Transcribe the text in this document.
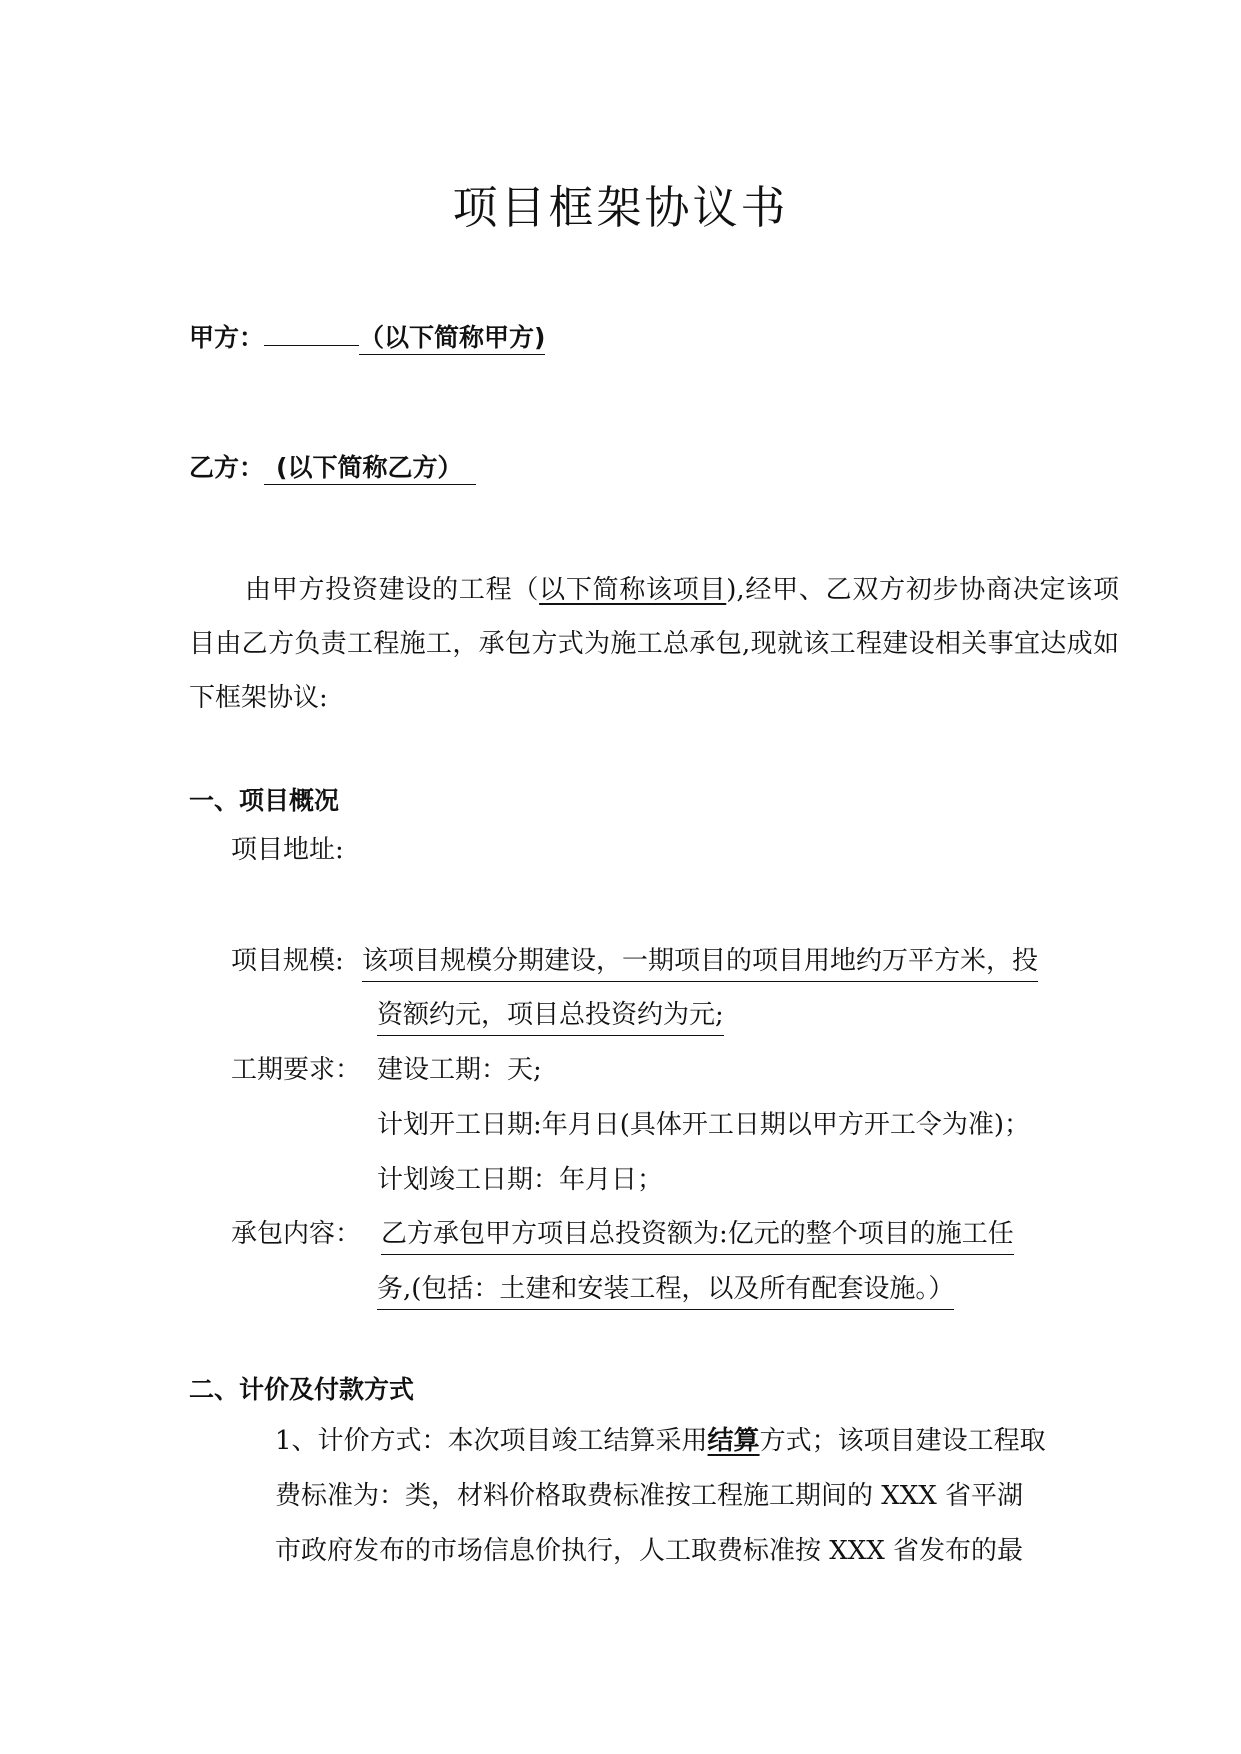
项目框架协议书
甲方：	（以下简称甲方)
乙方： (以下简称乙方）
由甲方投资建设的工程（以下简称该项目),经甲、乙双方初步协商决定该项目由乙方负责工程施工，承包方式为施工总承包,现就该工程建设相关事宜达成如下框架协议:
一、项目概况
项目地址:
项目规模: 该项目规模分期建设，一期项目的项目用地约万平方米，投
资额约元，项目总投资约为元;
工期要求： 建设工期：天;
计划开工日期:年月日(具体开工日期以甲方开工令为准)；
计划竣工日期：年月日；
承包内容： 乙方承包甲方项目总投资额为:亿元的整个项目的施工任
务,(包括：土建和安装工程，以及所有配套设施。）
二、计价及付款方式
1、计价方式：本次项目竣工结算采用结算方式；该项目建设工程取
费标准为：类，材料价格取费标准按工程施工期间的 XXX 省平湖
市政府发布的市场信息价执行，人工取费标准按 XXX 省发布的最
